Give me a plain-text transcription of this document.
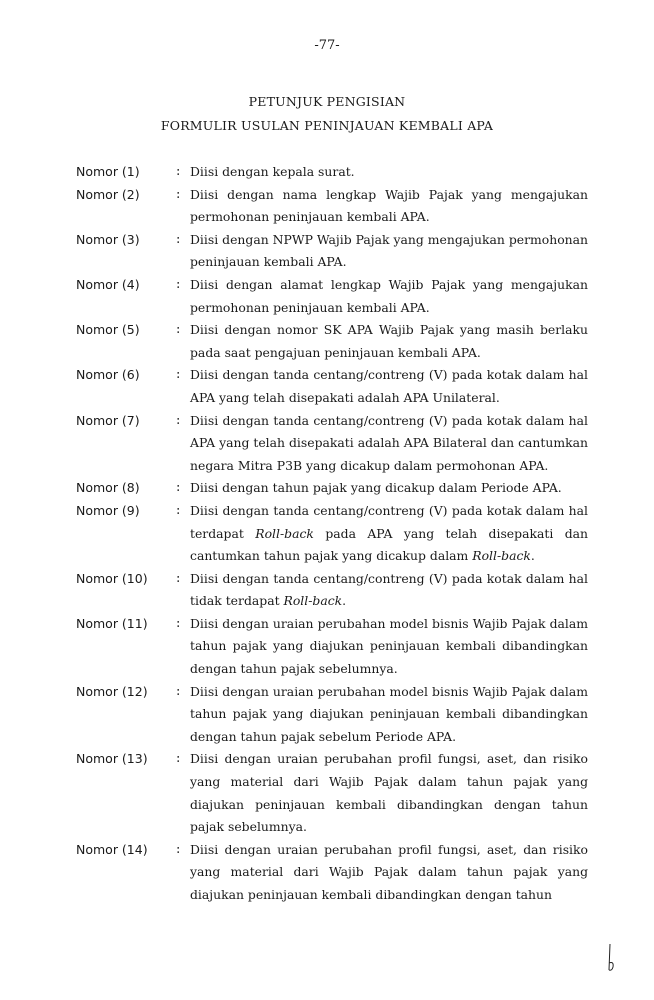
-77-
PETUNJUK PENGISIAN
FORMULIR USULAN PENINJAUAN KEMBALI APA
Nomor (1)	: Diisi dengan kepala surat.
Nomor (2)	: Diisi dengan nama lengkap Wajib Pajak yang mengajukan permohonan peninjauan kembali APA.
Nomor (3)	: Diisi dengan NPWP Wajib Pajak yang mengajukan permohonan peninjauan kembali APA.
Nomor (4)	: Diisi dengan alamat lengkap Wajib Pajak yang mengajukan permohonan peninjauan kembali APA.
Nomor (5)	: Diisi dengan nomor SK APA Wajib Pajak yang masih berlaku pada saat pengajuan peninjauan kembali APA.
Nomor (6)	: Diisi dengan tanda centang/contreng (V) pada kotak dalam hal APA yang telah disepakati adalah APA Unilateral.
Nomor (7)	: Diisi dengan tanda centang/contreng (V) pada kotak dalam hal APA yang telah disepakati adalah APA Bilateral dan cantumkan negara Mitra P3B yang dicakup dalam permohonan APA.
Nomor (8)	: Diisi dengan tahun pajak yang dicakup dalam Periode APA.
Nomor (9)	: Diisi dengan tanda centang/contreng (V) pada kotak dalam hal terdapat Roll-back pada APA yang telah disepakati dan cantumkan tahun pajak yang dicakup dalam Roll-back.
Nomor (10)	: Diisi dengan tanda centang/contreng (V) pada kotak dalam hal tidak terdapat Roll-back.
Nomor (11)	: Diisi dengan uraian perubahan model bisnis Wajib Pajak dalam tahun pajak yang diajukan peninjauan kembali dibandingkan dengan tahun pajak sebelumnya.
Nomor (12)	: Diisi dengan uraian perubahan model bisnis Wajib Pajak dalam tahun pajak yang diajukan peninjauan kembali dibandingkan dengan tahun pajak sebelum Periode APA.
Nomor (13)	: Diisi dengan uraian perubahan profil fungsi, aset, dan risiko yang material dari Wajib Pajak dalam tahun pajak yang diajukan peninjauan kembali dibandingkan dengan tahun pajak sebelumnya.
Nomor (14)	: Diisi dengan uraian perubahan profil fungsi, aset, dan risiko yang material dari Wajib Pajak dalam tahun pajak yang diajukan peninjauan kembali dibandingkan dengan tahun
